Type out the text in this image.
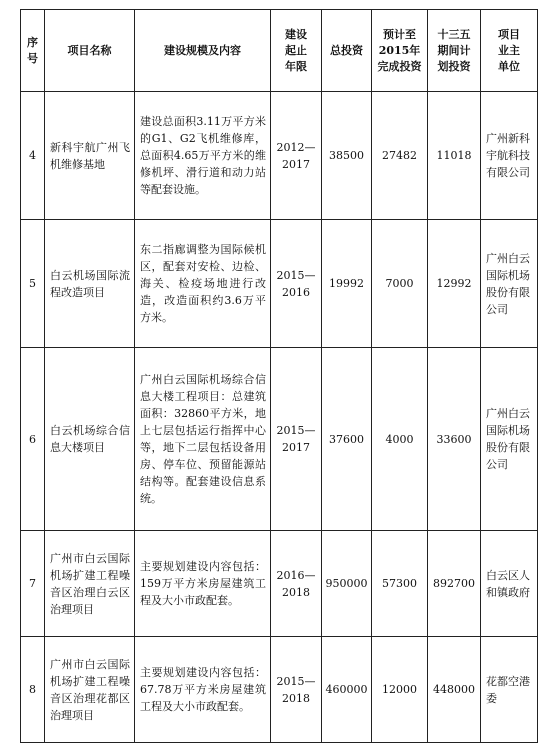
序号	项目名称	建设规模及内容	建设起止年限	总投资	预计至2015年完成投资	十三五期间计划投资	项目业主单位
4	新科宇航广州飞机维修基地	建设总面积3.11万平方米的G1、G2飞机维修库，总面积4.65万平方米的维修机坪、滑行道和动力站等配套设施。	2012—2017	38500	27482	11018	广州新科宇航科技有限公司
5	白云机场国际流程改造项目	东二指廊调整为国际候机区，配套对安检、边检、海关、检疫场地进行改造，改造面积约3.6万平方米。	2015—2016	19992	7000	12992	广州白云国际机场股份有限公司
6	白云机场综合信息大楼项目	广州白云国际机场综合信息大楼工程项目：总建筑面积：32860平方米，地上七层包括运行指挥中心等，地下二层包括设备用房、停车位、预留能源站结构等。配套建设信息系统。	2015—2017	37600	4000	33600	广州白云国际机场股份有限公司
7	广州市白云国际机场扩建工程噪音区治理白云区治理项目	主要规划建设内容包括：159万平方米房屋建筑工程及大小市政配套。	2016—2018	950000	57300	892700	白云区人和镇政府
8	广州市白云国际机场扩建工程噪音区治理花都区治理项目	主要规划建设内容包括：67.78万平方米房屋建筑工程及大小市政配套。	2015—2018	460000	12000	448000	花都空港委
